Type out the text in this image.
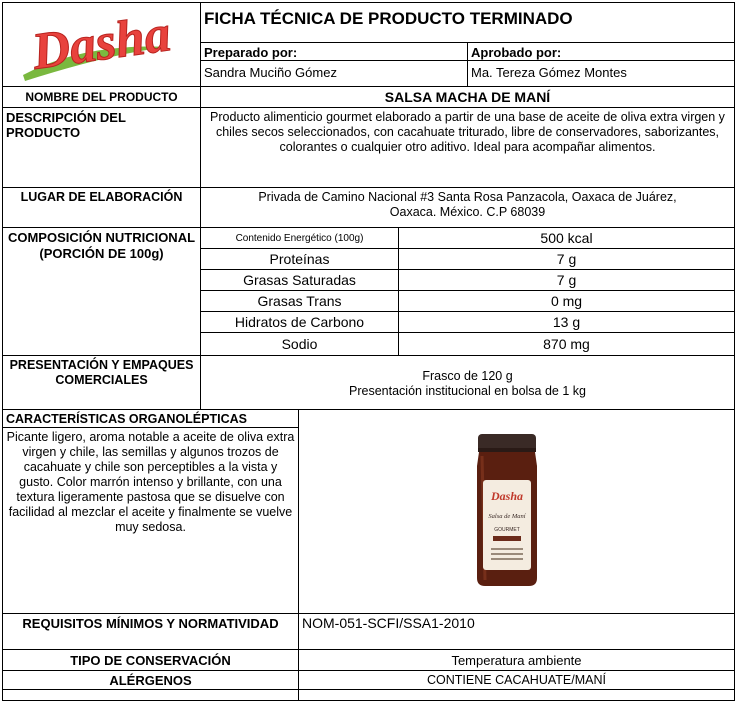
Dasha FICHA TÉCNICA DE PRODUCTO TERMINADO
Preparado por:	Aprobado por:
Sandra Muciño Gómez	Ma. Tereza Gómez Montes
NOMBRE DEL PRODUCTO	SALSA MACHA DE MANÍ
DESCRIPCIÓN DEL PRODUCTO
Producto alimenticio gourmet elaborado a partir de una base de aceite de oliva extra virgen y chiles secos seleccionados, con cacahuate triturado, libre de conservadores, saborizantes, colorantes o cualquier otro aditivo. Ideal para acompañar alimentos.
LUGAR DE ELABORACIÓN	Privada de Camino Nacional #3 Santa Rosa Panzacola, Oaxaca de Juárez,
Oaxaca. México. C.P 68039
COMPOSICIÓN NUTRICIONAL (PORCIÓN DE 100g)
Contenido Energético (100g)	500 kcal
Proteínas	7 g
Grasas Saturadas	7 g
Grasas Trans	0 mg
Hidratos de Carbono	13 g
Sodio	870 mg
PRESENTACIÓN Y EMPAQUES COMERCIALES	Frasco de 120 g
Presentación institucional en bolsa de 1 kg
CARACTERÍSTICAS ORGANOLÉPTICAS
Picante ligero, aroma notable a aceite de oliva extra virgen y chile, las semillas y algunos trozos de cacahuate y chile son perceptibles a la vista y gusto. Color marrón intenso y brillante, con una textura ligeramente pastosa que se disuelve con facilidad al mezclar el aceite y finalmente se vuelve muy sedosa.
Dasha
Salsa de Maní
GOURMET
REQUISITOS MÍNIMOS Y NORMATIVIDAD	NOM-051-SCFI/SSA1-2010
TIPO DE CONSERVACIÓN	Temperatura ambiente
ALÉRGENOS	CONTIENE CACAHUATE/MANÍ
